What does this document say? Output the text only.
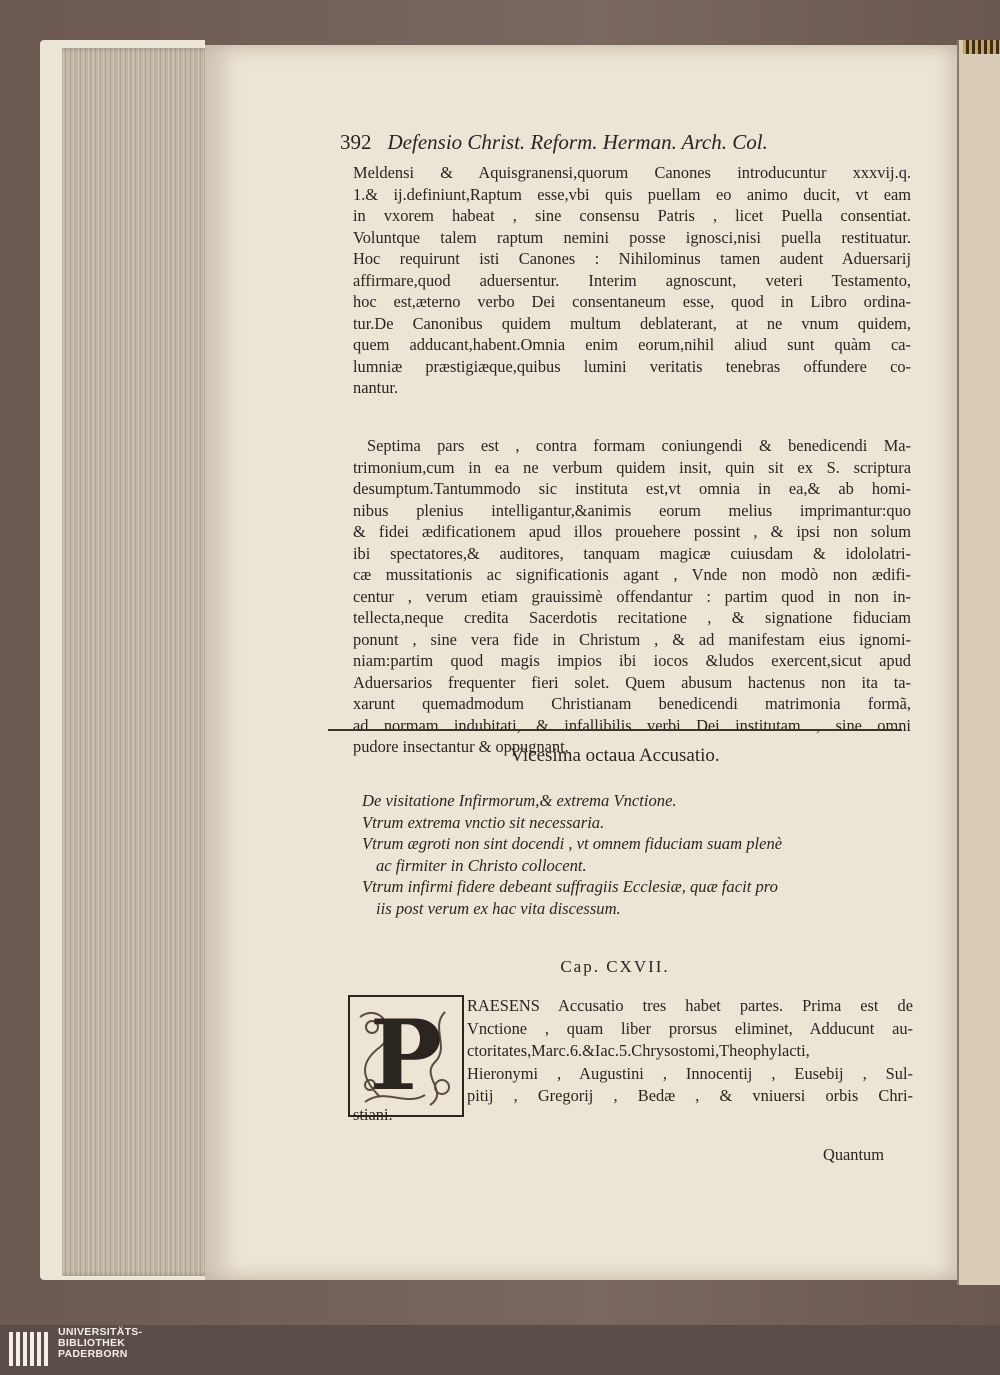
392 Defensio Christ. Reform. Herman. Arch. Col.
Meldensi & Aquisgranensi,quorum Canones introducuntur xxxvij.q.
1.& ij.definiunt,Raptum esse,vbi quis puellam eo animo ducit, vt eam
in vxorem habeat , sine consensu Patris , licet Puella consentiat.
Voluntque talem raptum nemini posse ignosci,nisi puella restituatur.
Hoc requirunt isti Canones : Nihilominus tamen audent Aduersarij
affirmare,quod aduersentur. Interim agnoscunt, veteri Testamento,
hoc est,æterno verbo Dei consentaneum esse, quod in Libro ordina-
tur.De Canonibus quidem multum deblaterant, at ne vnum quidem,
quem adducant,habent.Omnia enim eorum,nihil aliud sunt quàm ca-
lumniæ præstigiæque,quibus lumini veritatis tenebras offundere co-
nantur.
Septima pars est , contra formam coniungendi & benedicendi Ma-
trimonium,cum in ea ne verbum quidem insit, quin sit ex S. scriptura
desumptum.Tantummodo sic instituta est,vt omnia in ea,& ab homi-
nibus plenius intelligantur,&animis eorum melius imprimantur:quo
& fidei ædificationem apud illos prouehere possint , & ipsi non solum
ibi spectatores,& auditores, tanquam magicæ cuiusdam & idololatri-
cæ mussitationis ac significationis agant , Vnde non modò non ædifi-
centur , verum etiam grauissimè offendantur : partim quod in non in-
tellecta,neque credita Sacerdotis recitatione , & signatione fiduciam
ponunt , sine vera fide in Christum , & ad manifestam eius ignomi-
niam:partim quod magis impios ibi iocos &ludos exercent,sicut apud
Aduersarios frequenter fieri solet. Quem abusum hactenus non ita ta-
xarunt quemadmodum Christianam benedicendi matrimonia formã,
ad normam indubitati, & infallibilis verbi Dei institutam , sine omni
pudore insectantur & oppugnant.
Vicesima octaua Accusatio.
De visitatione Infirmorum,& extrema Vnctione.
Vtrum extrema vnctio sit necessaria.
Vtrum ægroti non sint docendi , vt omnem fiduciam suam plenè
ac firmiter in Christo collocent.
Vtrum infirmi fidere debeant suffragiis Ecclesiæ, quæ facit pro
iis post verum ex hac vita discessum.
Cap. CXVII.
P	RAESENS Accusatio tres habet partes. Prima est de
Vnctione , quam liber prorsus eliminet, Adducunt au-
ctoritates,Marc.6.&Iac.5.Chrysostomi,Theophylacti,
Hieronymi , Augustini , Innocentij , Eusebij , Sul-
pitij , Gregorij , Bedæ , & vniuersi orbis Chri-
stiani.
Quantum
UNIVERSITÄTS-
BIBLIOTHEK
PADERBORN
